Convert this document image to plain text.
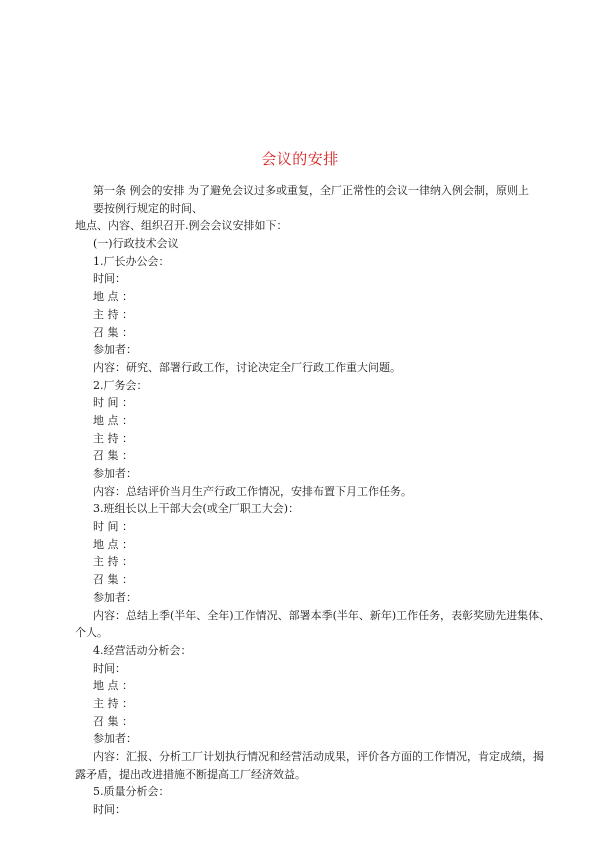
会议的安排
第一条 例会的安排 为了避免会议过多或重复，全厂正常性的会议一律纳入例会制，原则上
要按例行规定的时间、
地点、内容、组织召开.例会会议安排如下：
(一)行政技术会议
1.厂长办公会：
时间：
地 点 ：
主 持 ：
召 集 ：
参加者：
内容：研究、部署行政工作，讨论决定全厂行政工作重大问题。
2.厂务会：
时 间 ：
地 点 ：
主 持 ：
召 集 ：
参加者：
内容：总结评价当月生产行政工作情况，安排布置下月工作任务。
3.班组长以上干部大会(或全厂职工大会)：
时 间 ：
地 点 ：
主 持 ：
召 集 ：
参加者：
内容：总结上季(半年、全年)工作情况、部署本季(半年、新年)工作任务，表彰奖励先进集体、
个人。
4.经营活动分析会：
时间：
地 点 ：
主 持 ：
召 集 ：
参加者：
内容：汇报、分析工厂计划执行情况和经营活动成果，评价各方面的工作情况，肯定成绩，揭
露矛盾，提出改进措施不断提高工厂经济效益。
5.质量分析会：
时间：
